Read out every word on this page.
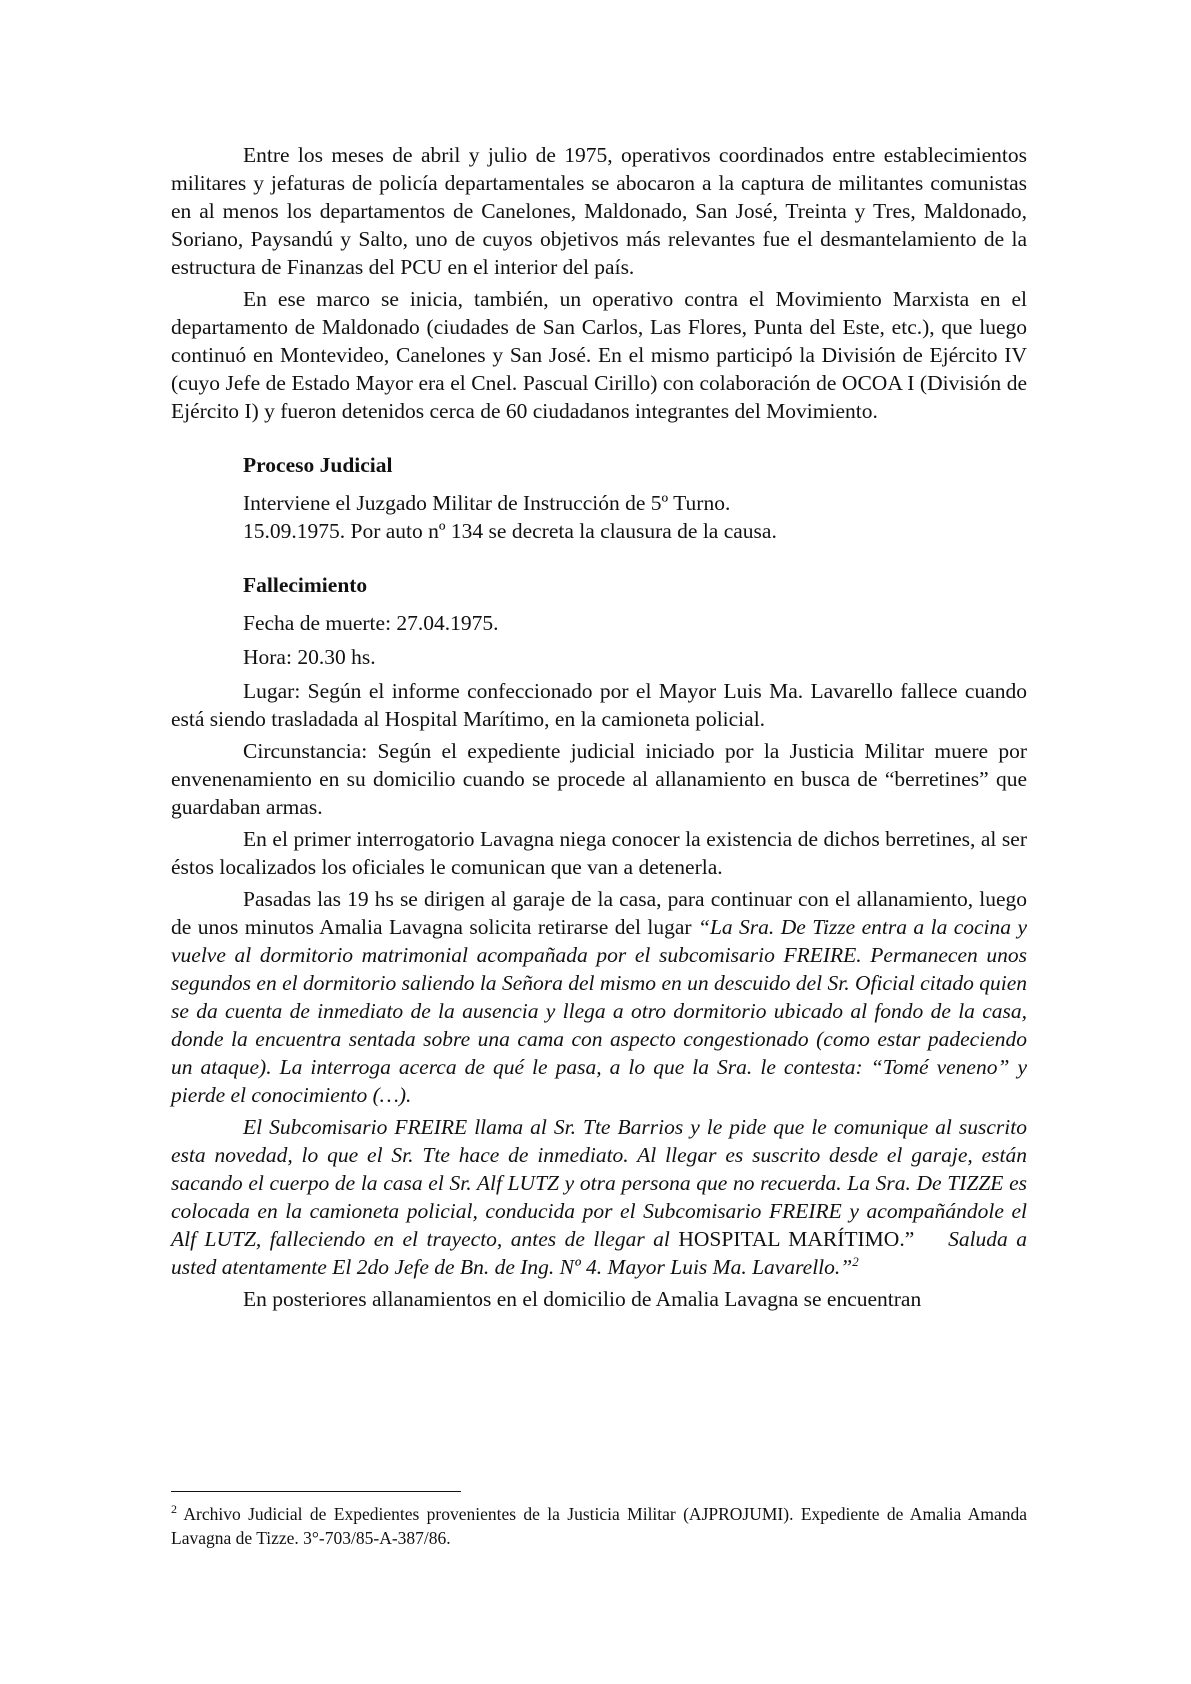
Entre los meses de abril y julio de 1975, operativos coordinados entre establecimientos militares y jefaturas de policía departamentales se abocaron a la captura de militantes comunistas en al menos los departamentos de Canelones, Maldonado, San José, Treinta y Tres, Maldonado, Soriano, Paysandú y Salto, uno de cuyos objetivos más relevantes fue el desmantelamiento de la estructura de Finanzas del PCU en el interior del país.

En ese marco se inicia, también, un operativo contra el Movimiento Marxista en el departamento de Maldonado (ciudades de San Carlos, Las Flores, Punta del Este, etc.), que luego continuó en Montevideo, Canelones y San José. En el mismo participó la División de Ejército IV (cuyo Jefe de Estado Mayor era el Cnel. Pascual Cirillo) con colaboración de OCOA I (División de Ejército I) y fueron detenidos cerca de 60 ciudadanos integrantes del Movimiento.

Proceso Judicial

Interviene el Juzgado Militar de Instrucción de 5º Turno.

15.09.1975. Por auto nº 134 se decreta la clausura de la causa.

Fallecimiento

Fecha de muerte: 27.04.1975.

Hora: 20.30 hs.

Lugar: Según el informe confeccionado por el Mayor Luis Ma. Lavarello fallece cuando está siendo trasladada al Hospital Marítimo, en la camioneta policial.

Circunstancia: Según el expediente judicial iniciado por la Justicia Militar muere por envenenamiento en su domicilio cuando se procede al allanamiento en busca de “berretines” que guardaban armas.

En el primer interrogatorio Lavagna niega conocer la existencia de dichos berretines, al ser éstos localizados los oficiales le comunican que van a detenerla.

Pasadas las 19 hs se dirigen al garaje de la casa, para continuar con el allanamiento, luego de unos minutos Amalia Lavagna solicita retirarse del lugar “La Sra. De Tizze entra a la cocina y vuelve al dormitorio matrimonial acompañada por el subcomisario FREIRE. Permanecen unos segundos en el dormitorio saliendo la Señora del mismo en un descuido del Sr. Oficial citado quien se da cuenta de inmediato de la ausencia y llega a otro dormitorio ubicado al fondo de la casa, donde la encuentra sentada sobre una cama con aspecto congestionado (como estar padeciendo un ataque). La interroga acerca de qué le pasa, a lo que la Sra. le contesta: “Tomé veneno” y pierde el conocimiento (…).

El Subcomisario FREIRE llama al Sr. Tte Barrios y le pide que le comunique al suscrito esta novedad, lo que el Sr. Tte hace de inmediato. Al llegar es suscrito desde el garaje, están sacando el cuerpo de la casa el Sr. Alf LUTZ y otra persona que no recuerda. La Sra. De TIZZE es colocada en la camioneta policial, conducida por el Subcomisario FREIRE y acompañándole el Alf LUTZ, falleciendo en el trayecto, antes de llegar al HOSPITAL MARÍTIMO.”    Saluda a usted atentamente El 2do Jefe de Bn. de Ing. Nº 4. Mayor Luis Ma. Lavarello.”$^2$

En posteriores allanamientos en el domicilio de Amalia Lavagna se encuentran

$^2$ Archivo Judicial de Expedientes provenientes de la Justicia Militar (AJPROJUMI). Expediente de Amalia Amanda Lavagna de Tizze. 3°-703/85-A-387/86.
